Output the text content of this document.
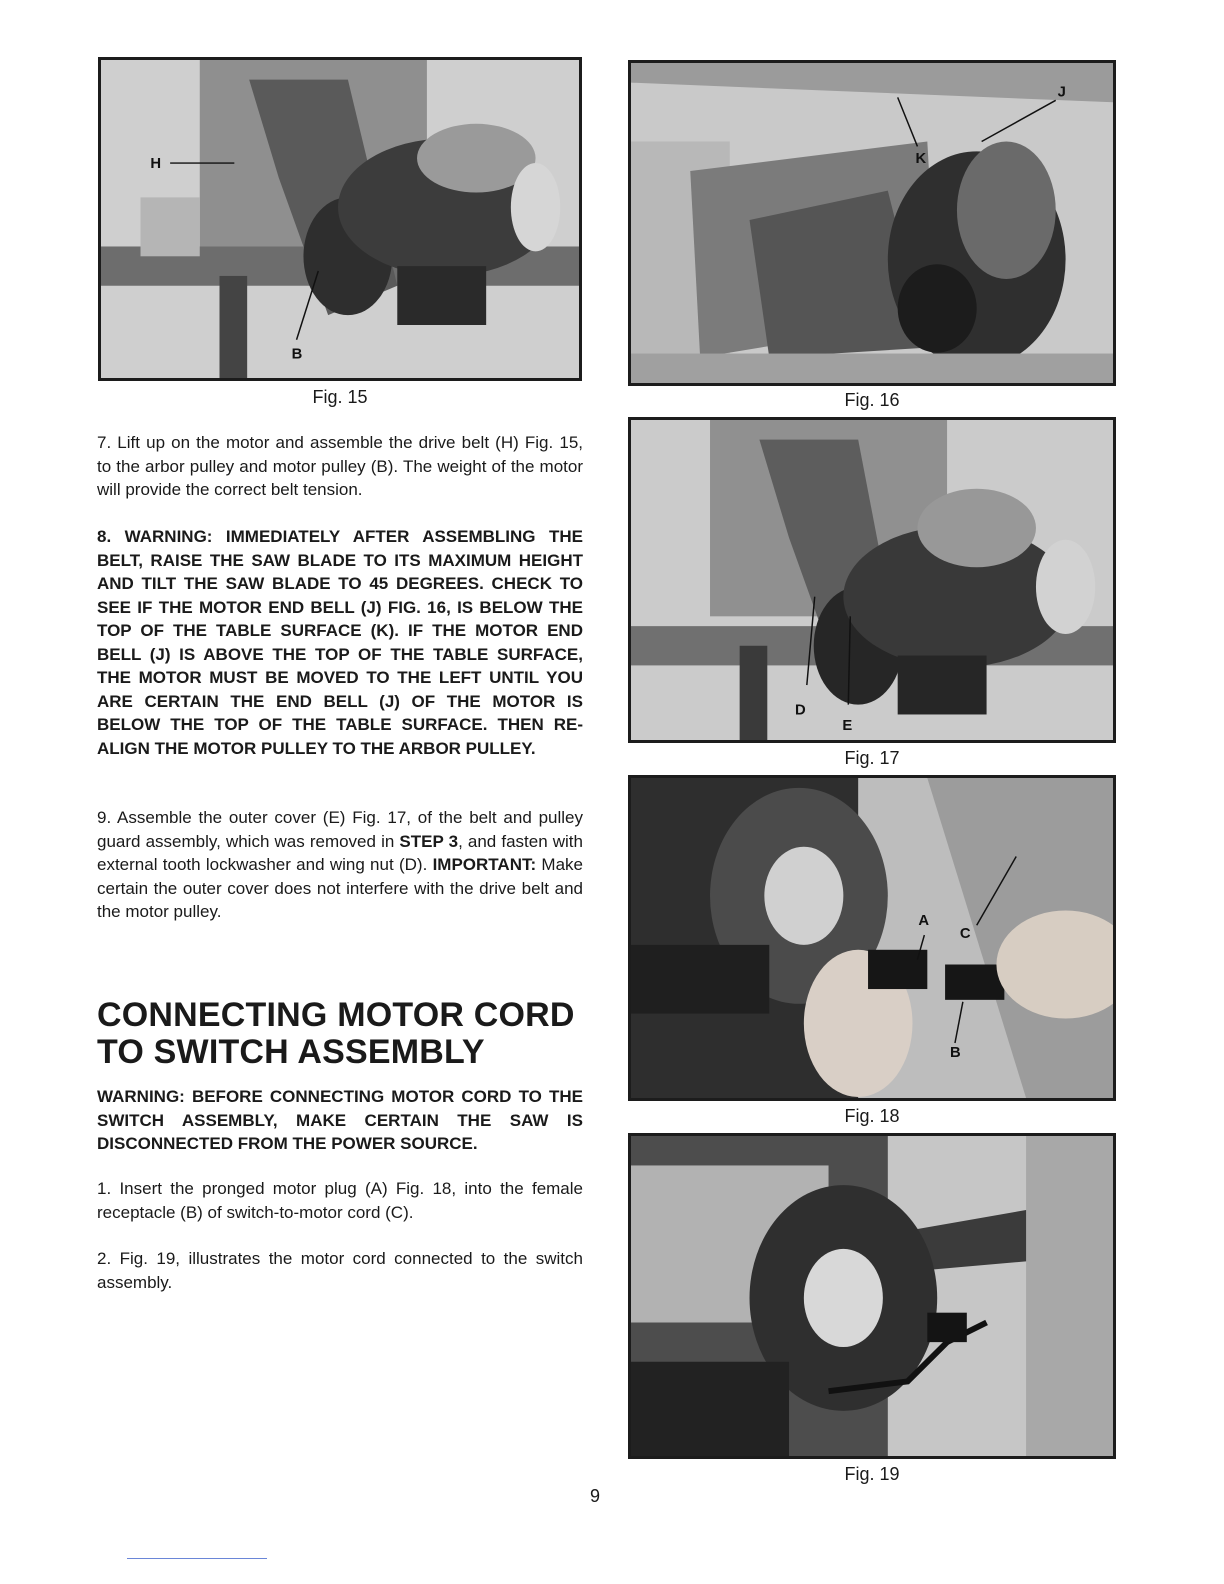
H
B
Fig. 15
J
K
Fig. 16
D
E
Fig. 17
A
C
B
Fig. 18
Fig. 19

7. Lift up on the motor and assemble the drive belt (H) Fig. 15, to the arbor pulley and motor pulley (B). The weight of the motor will provide the correct belt tension.

8. WARNING: IMMEDIATELY AFTER ASSEMBLING THE BELT, RAISE THE SAW BLADE TO ITS MAXIMUM HEIGHT AND TILT THE SAW BLADE TO 45 DEGREES. CHECK TO SEE IF THE MOTOR END BELL (J) FIG. 16, IS BELOW THE TOP OF THE TABLE SURFACE (K). IF THE MOTOR END BELL (J) IS ABOVE THE TOP OF THE TABLE SURFACE, THE MOTOR MUST BE MOVED TO THE LEFT UNTIL YOU ARE CERTAIN THE END BELL (J) OF THE MOTOR IS BELOW THE TOP OF THE TABLE SURFACE. THEN RE-ALIGN THE MOTOR PULLEY TO THE ARBOR PULLEY.

9. Assemble the outer cover (E) Fig. 17, of the belt and pulley guard assembly, which was removed in STEP 3, and fasten with external tooth lockwasher and wing nut (D). IMPORTANT: Make certain the outer cover does not interfere with the drive belt and the motor pulley.

CONNECTING MOTOR CORD
TO SWITCH ASSEMBLY

WARNING: BEFORE CONNECTING MOTOR CORD TO THE SWITCH ASSEMBLY, MAKE CERTAIN THE SAW IS DISCONNECTED FROM THE POWER SOURCE.

1. Insert the pronged motor plug (A) Fig. 18, into the female receptacle (B) of switch-to-motor cord (C).

2. Fig. 19, illustrates the motor cord connected to the switch assembly.

9
